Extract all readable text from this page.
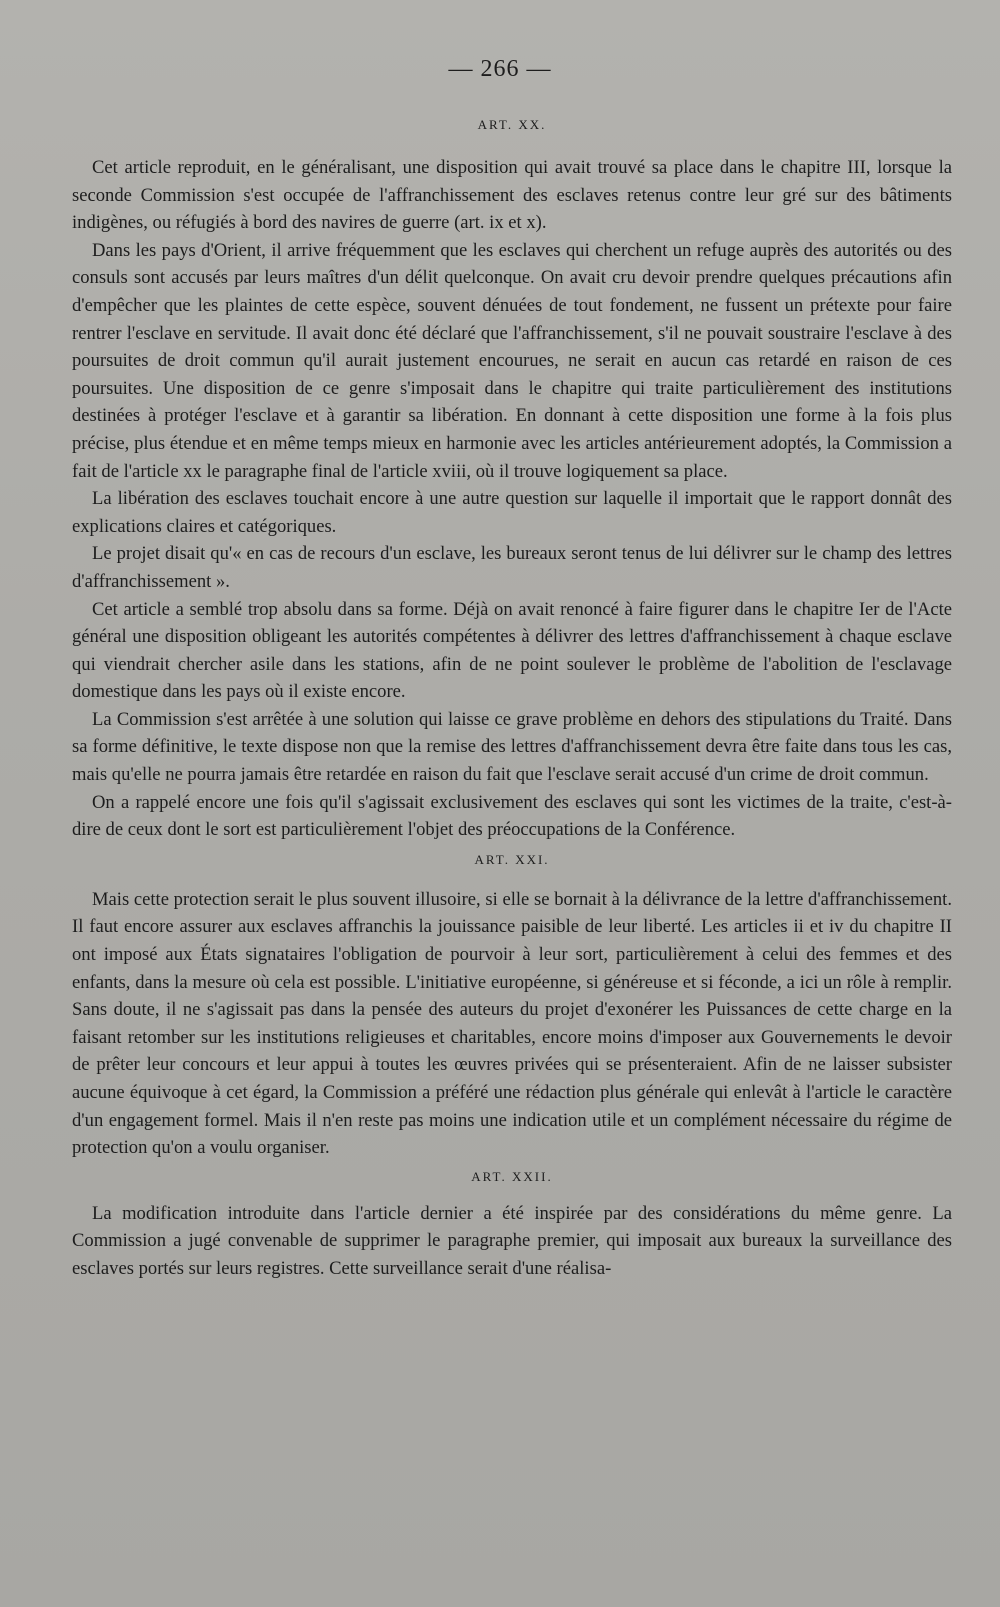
— 266 —
ART. XX.

Cet article reproduit, en le généralisant, une disposition qui avait trouvé sa place dans le chapitre III, lorsque la seconde Commission s'est occupée de l'affranchissement des esclaves retenus contre leur gré sur des bâtiments indigènes, ou réfugiés à bord des navires de guerre (art. ix et x).

Dans les pays d'Orient, il arrive fréquemment que les esclaves qui cherchent un refuge auprès des autorités ou des consuls sont accusés par leurs maîtres d'un délit quelconque. On avait cru devoir prendre quelques précautions afin d'empêcher que les plaintes de cette espèce, souvent dénuées de tout fondement, ne fussent un prétexte pour faire rentrer l'esclave en servitude. Il avait donc été déclaré que l'affranchissement, s'il ne pouvait soustraire l'esclave à des poursuites de droit commun qu'il aurait justement encourues, ne serait en aucun cas retardé en raison de ces poursuites. Une disposition de ce genre s'imposait dans le chapitre qui traite particulièrement des institutions destinées à protéger l'esclave et à garantir sa libération. En donnant à cette disposition une forme à la fois plus précise, plus étendue et en même temps mieux en harmonie avec les articles antérieurement adoptés, la Commission a fait de l'article xx le paragraphe final de l'article xviii, où il trouve logiquement sa place.

La libération des esclaves touchait encore à une autre question sur laquelle il importait que le rapport donnât des explications claires et catégoriques.

Le projet disait qu'« en cas de recours d'un esclave, les bureaux seront tenus de lui délivrer sur le champ des lettres d'affranchissement ».

Cet article a semblé trop absolu dans sa forme. Déjà on avait renoncé à faire figurer dans le chapitre Ier de l'Acte général une disposition obligeant les autorités compétentes à délivrer des lettres d'affranchissement à chaque esclave qui viendrait chercher asile dans les stations, afin de ne point soulever le problème de l'abolition de l'esclavage domestique dans les pays où il existe encore.

La Commission s'est arrêtée à une solution qui laisse ce grave problème en dehors des stipulations du Traité. Dans sa forme définitive, le texte dispose non que la remise des lettres d'affranchissement devra être faite dans tous les cas, mais qu'elle ne pourra jamais être retardée en raison du fait que l'esclave serait accusé d'un crime de droit commun.

On a rappelé encore une fois qu'il s'agissait exclusivement des esclaves qui sont les victimes de la traite, c'est-à-dire de ceux dont le sort est particulièrement l'objet des préoccupations de la Conférence.

ART. XXI.

Mais cette protection serait le plus souvent illusoire, si elle se bornait à la délivrance de la lettre d'affranchissement. Il faut encore assurer aux esclaves affranchis la jouissance paisible de leur liberté. Les articles ii et iv du chapitre II ont imposé aux États signataires l'obligation de pourvoir à leur sort, particulièrement à celui des femmes et des enfants, dans la mesure où cela est possible. L'initiative européenne, si généreuse et si féconde, a ici un rôle à remplir. Sans doute, il ne s'agissait pas dans la pensée des auteurs du projet d'exonérer les Puissances de cette charge en la faisant retomber sur les institutions religieuses et charitables, encore moins d'imposer aux Gouvernements le devoir de prêter leur concours et leur appui à toutes les œuvres privées qui se présenteraient. Afin de ne laisser subsister aucune équivoque à cet égard, la Commission a préféré une rédaction plus générale qui enlevât à l'article le caractère d'un engagement formel. Mais il n'en reste pas moins une indication utile et un complément nécessaire du régime de protection qu'on a voulu organiser.

ART. XXII.

La modification introduite dans l'article dernier a été inspirée par des considérations du même genre. La Commission a jugé convenable de supprimer le paragraphe premier, qui imposait aux bureaux la surveillance des esclaves portés sur leurs registres. Cette surveillance serait d'une réalisa-
